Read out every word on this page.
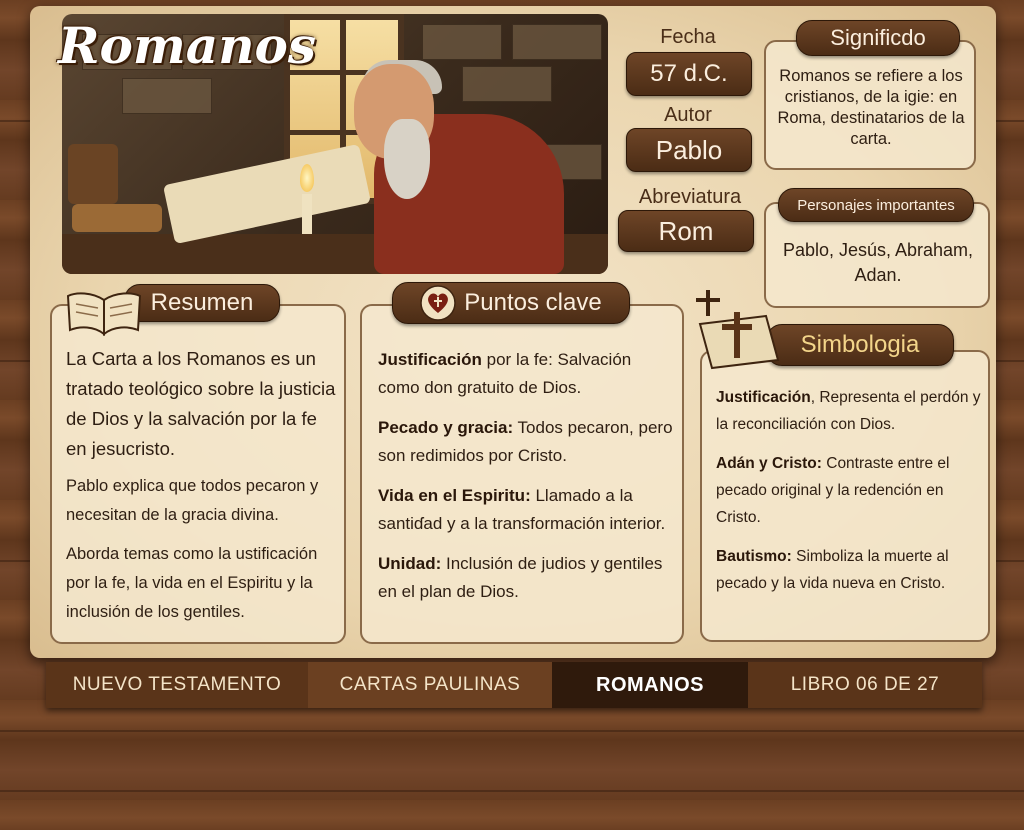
Romanos	Fecha
57 d.C.
Autor
Pablo
Abreviatura
Rom
Significdo
Romanos se refiere a los cristianos, de la igie: en Roma, destinatarios de la carta.
Personajes importantes
Pablo, Jesús, Abraham, Adan.
Resumen

La Carta a los Romanos es un tratado teológico sobre la justicia de Dios y la salvación por la fe en jesucristo.

Pablo explica que todos pecaron y necesitan de la gracia divina.

Aborda temas como la ustificación por la fe, la vida en el Espiritu y la inclusión de los gentiles.

Puntos clave

Justificación por la fe: Salvación como don gratuito de Dios.

Pecado y gracia: Todos pecaron, pero son redimidos por Cristo.

Vida en el Espiritu: Llamado a la santiɗad y a la transformación interior.

Unidad: Inclusión de judios y gentiles en el plan de Dios.

Simbologia

Justificación, Representa el perdón y la reconciliación con Dios.

Adán y Cristo: Contraste entre el pecado original y la redención en Cristo.

Bautismo: Simboliza la muerte al pecado y la vida nueva en Cristo.

NUEVO TESTAMENTO	CARTAS PAULINAS	ROMANOS	LIBRO 06 DE 27
